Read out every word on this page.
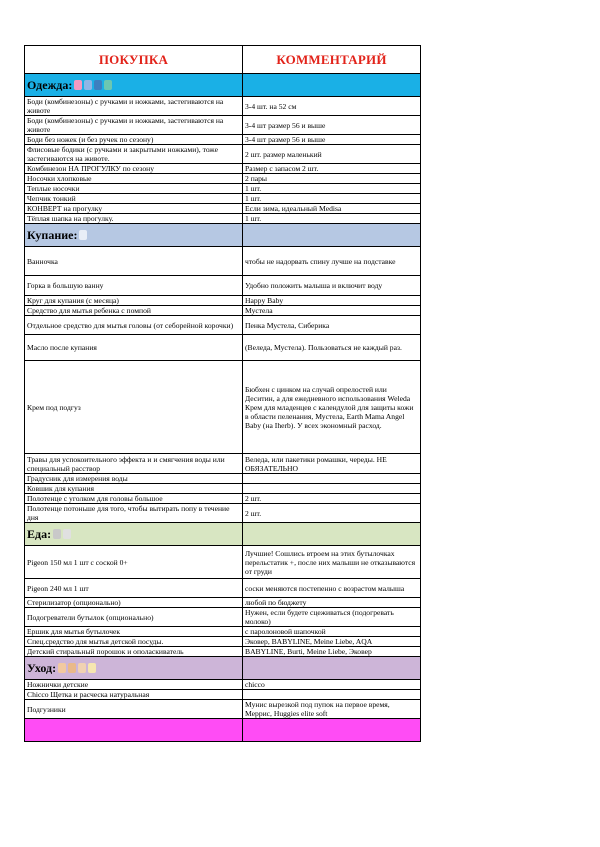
ПОКУПКА	КОММЕНТАРИЙ
Одежда:	
Боди (комбинезоны) с ручками и ножками, застегиваются на животе	3-4 шт. на 52 см
Боди (комбинезоны) с ручками и ножками, застегиваются на животе	3-4 шт размер 56 и выше
Боди без ножек (и без ручек по сезону)	3-4 шт размер 56 и выше
Флисовые бодики (с ручками и закрытыми ножками), тоже застегиваются на животе.	2 шт. размер маленький
Комбинезон НА ПРОГУЛКУ по сезону	Размер с запасом 2 шт.
Носочки хлопковые	2 пары
Теплые носочки	1 шт.
Чепчик тонкий	1 шт.
КОНВЕРТ на прогулку	Если зима, идеальный Medisa
Тёплая шапка на прогулку.	1 шт.
Купание:	
Ванночка	чтобы не надорвать спину лучше на подставке
Горка в большую ванну	Удобно положить малыша и включит воду
Круг для купания (с месяца)	Happy Baby
Средство для мытья ребенка с помпой	Мустела
Отдельное средство для мытья головы (от себорейной корочки)	Пенка Мустела, Сиберика
Масло после купания	(Веледа, Мустела). Пользоваться не каждый раз.
Крем под подгуз	Бюбхен с цинком на случай опрелостей или Деситин, а для ежедневного использования Weleda Крем для младенцев с календулой для защиты кожи в области пеленания, Мустела, Earth Mama Angel Baby (на Iherb). У всех экономный расход.
Травы для успокоительного эффекта и и смягчения воды или специальный расствор	Веледа, или пакетики ромашки, череды. НЕ ОБЯЗАТЕЛЬНО
Градусник для измерения воды	
Ковшик для купания	
Полотенце с уголком для головы большое	2 шт.
Полотенце потоньше для того, чтобы вытирать попу в течение дня	2 шт.
Еда:	
Pigeon 150 мл 1 шт с соской 0+	Лучшие! Сошлись втроем на этих бутылочках перельстатик +, после них малыши не отказываются от груди
Pigeon 240 мл 1 шт	соски меняются постепенно с возрастом малыша
Стерилизатор (опционально)	любой по бюджету
Подогреватели бутылок (опционально)	Нужен, если будете сцеживаться (подогревать молоко)
Ершик для мытья бутылочек	с паролоновой шапочкой
Спец.средство для мытья детской посуды.	Эковер, BABYLINE, Meine Liebe, AQA
Детский стиральный порошок и ополаскиватель	BABYLINE, Burti, Meine Liebe, Эковер
Уход:	
Ножнички детские	chicco
Chicco Щетка и расческа натуральная	
Подгузники	Мунис вырезкой под пупок на первое время, Меррис, Huggies elite soft
